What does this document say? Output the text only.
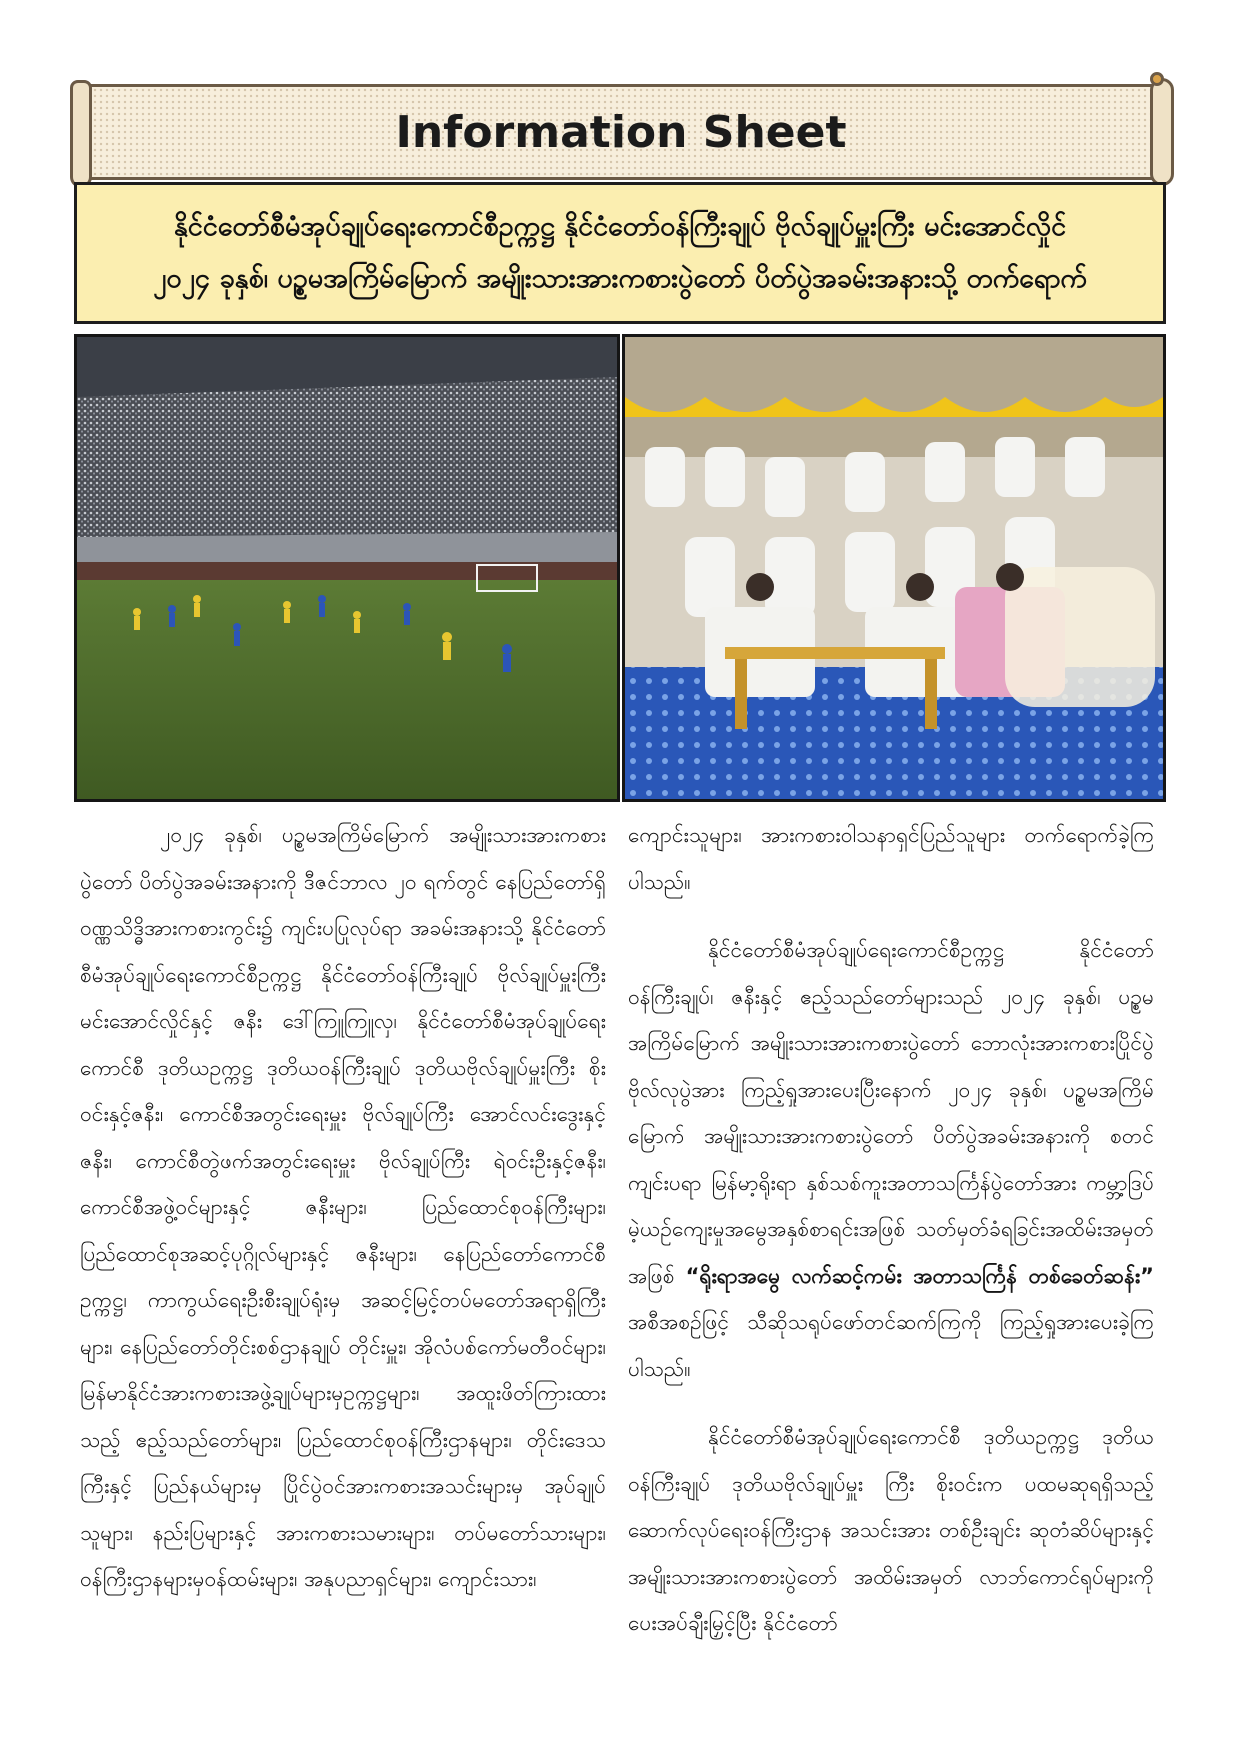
Information Sheet
နိုင်ငံတော်စီမံအုပ်ချုပ်ရေးကောင်စီဥက္ကဋ္ဌ နိုင်ငံတော်ဝန်ကြီးချုပ် ဗိုလ်ချုပ်မှူးကြီး မင်းအောင်လှိုင်
၂၀၂၄ ခုနှစ်၊ ပဉ္စမအကြိမ်မြောက် အမျိုးသားအားကစားပွဲတော် ပိတ်ပွဲအခမ်းအနားသို့ တက်ရောက်

၂၀၂၄ ခုနှစ်၊ ပဉ္စမအကြိမ်မြောက် အမျိုးသားအားကစားပွဲတော် ပိတ်ပွဲအခမ်းအနားကို ဒီဇင်ဘာလ ၂၀ ရက်တွင် နေပြည်တော်ရှိ ဝဏ္ဏသိဒ္ဓိအားကစားကွင်း၌ ကျင်းပပြုလုပ်ရာ အခမ်းအနားသို့ နိုင်ငံတော်စီမံအုပ်ချုပ်ရေးကောင်စီဥက္ကဋ္ဌ နိုင်ငံတော်ဝန်ကြီးချုပ် ဗိုလ်ချုပ်မှူးကြီး မင်းအောင်လှိုင်နှင့် ဇနီး ဒေါ်ကြူကြူလှ၊ နိုင်ငံတော်စီမံအုပ်ချုပ်ရေးကောင်စီ ဒုတိယဥက္ကဋ္ဌ ဒုတိယဝန်ကြီးချုပ် ဒုတိယဗိုလ်ချုပ်မှူးကြီး စိုးဝင်းနှင့်ဇနီး၊ ကောင်စီအတွင်းရေးမှူး ဗိုလ်ချုပ်ကြီး အောင်လင်းဒွေးနှင့် ဇနီး၊ ကောင်စီတွဲဖက်အတွင်းရေးမှူး ဗိုလ်ချုပ်ကြီး ရဲဝင်းဦးနှင့်ဇနီး၊ ကောင်စီအဖွဲ့ဝင်များနှင့် ဇနီးများ၊ ပြည်ထောင်စုဝန်ကြီးများ၊ ပြည်ထောင်စုအဆင့်ပုဂ္ဂိုလ်များနှင့် ဇနီးများ၊ နေပြည်တော်ကောင်စီဥက္ကဋ္ဌ၊ ကာကွယ်ရေးဦးစီးချုပ်ရုံးမှ အဆင့်မြင့်တပ်မတော်အရာရှိကြီးများ၊ နေပြည်တော်တိုင်းစစ်ဌာနချုပ် တိုင်းမှူး၊ အိုလံပစ်ကော်မတီဝင်များ၊ မြန်မာနိုင်ငံအားကစားအဖွဲ့ချုပ်များမှဥက္ကဋ္ဌများ၊ အထူးဖိတ်ကြားထားသည့် ဧည့်သည်တော်များ၊ ပြည်ထောင်စုဝန်ကြီးဌာနများ၊ တိုင်းဒေသကြီးနှင့် ပြည်နယ်များမှ ပြိုင်ပွဲဝင်အားကစားအသင်းများမှ အုပ်ချုပ်သူများ၊ နည်းပြများနှင့် အားကစားသမားများ၊ တပ်မတော်သားများ၊ ဝန်ကြီးဌာနများမှဝန်ထမ်းများ၊ အနုပညာရှင်များ၊ ကျောင်းသား၊

ကျောင်းသူများ၊ အားကစားဝါသနာရှင်ပြည်သူများ တက်ရောက်ခဲ့ကြပါသည်။

နိုင်ငံတော်စီမံအုပ်ချုပ်ရေးကောင်စီဥက္ကဋ္ဌ နိုင်ငံတော်ဝန်ကြီးချုပ်၊ ဇနီးနှင့် ဧည့်သည်တော်များသည် ၂၀၂၄ ခုနှစ်၊ ပဉ္စမအကြိမ်မြောက် အမျိုးသားအားကစားပွဲတော် ဘောလုံးအားကစားပြိုင်ပွဲ ဗိုလ်လုပွဲအား ကြည့်ရှုအားပေးပြီးနောက် ၂၀၂၄ ခုနှစ်၊ ပဉ္စမအကြိမ်မြောက် အမျိုးသားအားကစားပွဲတော် ပိတ်ပွဲအခမ်းအနားကို စတင်ကျင်းပရာ မြန်မာ့ရိုးရာ နှစ်သစ်ကူးအတာသင်္ကြန်ပွဲတော်အား ကမ္ဘာ့ဒြပ်မဲ့ယဉ်ကျေးမှုအမွေအနှစ်စာရင်းအဖြစ် သတ်မှတ်ခံရခြင်းအထိမ်းအမှတ်အဖြစ် “ရိုးရာအမွေ လက်ဆင့်ကမ်း အတာသင်္ကြန် တစ်ခေတ်ဆန်း” အစီအစဉ်ဖြင့် သီဆိုသရုပ်ဖော်တင်ဆက်ကြကို ကြည့်ရှုအားပေးခဲ့ကြပါသည်။

နိုင်ငံတော်စီမံအုပ်ချုပ်ရေးကောင်စီ ဒုတိယဥက္ကဋ္ဌ ဒုတိယဝန်ကြီးချုပ် ဒုတိယဗိုလ်ချုပ်မှူး ကြီး စိုးဝင်းက ပထမဆုရရှိသည့် ဆောက်လုပ်ရေးဝန်ကြီးဌာန အသင်းအား တစ်ဦးချင်း ဆုတံဆိပ်များနှင့် အမျိုးသားအားကစားပွဲတော် အထိမ်းအမှတ် လာဘ်ကောင်ရုပ်များကို ပေးအပ်ချီးမြှင့်ပြီး နိုင်ငံတော်
